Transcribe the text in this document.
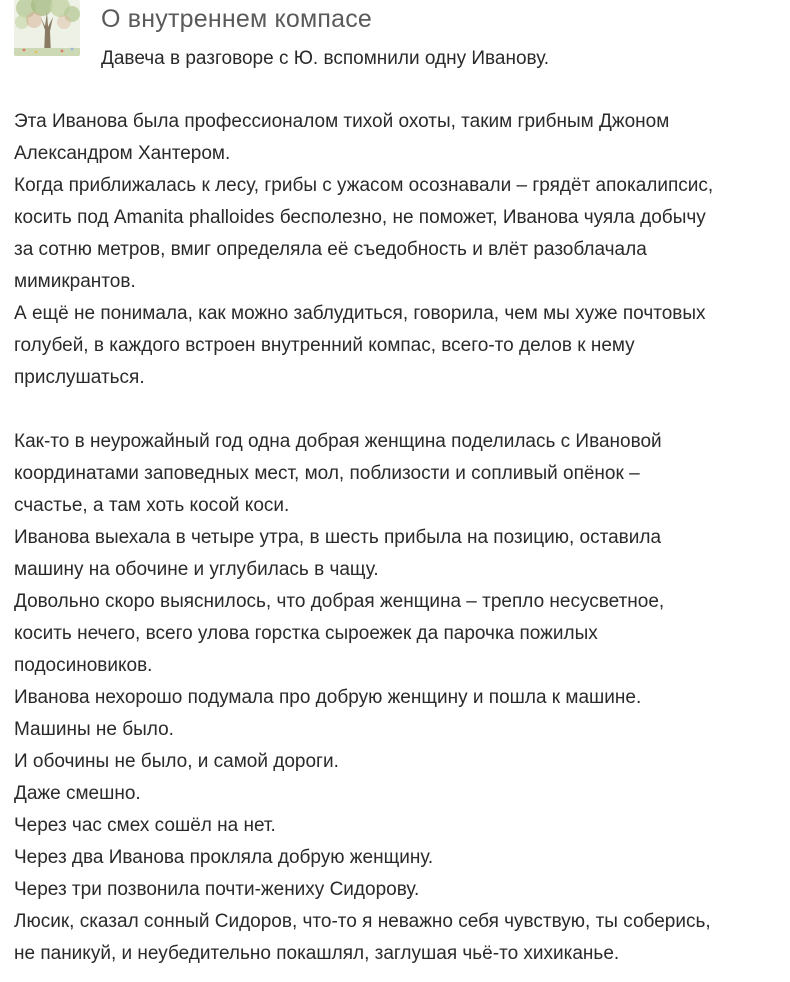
О внутреннем компасе
Давеча в разговоре с Ю. вспомнили одну Иванову.
Эта Иванова была профессионалом тихой охоты, таким грибным Джоном
Александром Хантером.
Когда приближалась к лесу, грибы с ужасом осознавали – грядёт апокалипсис,
косить под Amanita phalloides бесполезно, не поможет, Иванова чуяла добычу
за сотню метров, вмиг определяла её съедобность и влёт разоблачала
мимикрантов.
А ещё не понимала, как можно заблудиться, говорила, чем мы хуже почтовых
голубей, в каждого встроен внутренний компас, всего-то делов к нему
прислушаться.
Как-то в неурожайный год одна добрая женщина поделилась с Ивановой
координатами заповедных мест, мол, поблизости и сопливый опёнок –
счастье, а там хоть косой коси.
Иванова выехала в четыре утра, в шесть прибыла на позицию, оставила
машину на обочине и углубилась в чащу.
Довольно скоро выяснилось, что добрая женщина – трепло несусветное,
косить нечего, всего улова горстка сыроежек да парочка пожилых
подосиновиков.
Иванова нехорошо подумала про добрую женщину и пошла к машине.
Машины не было.
И обочины не было, и самой дороги.
Даже смешно.
Через час смех сошёл на нет.
Через два Иванова прокляла добрую женщину.
Через три позвонила почти-жениху Сидорову.
Люсик, сказал сонный Сидоров, что-то я неважно себя чувствую, ты соберись,
не паникуй, и неубедительно покашлял, заглушая чьё-то хихиканье.
